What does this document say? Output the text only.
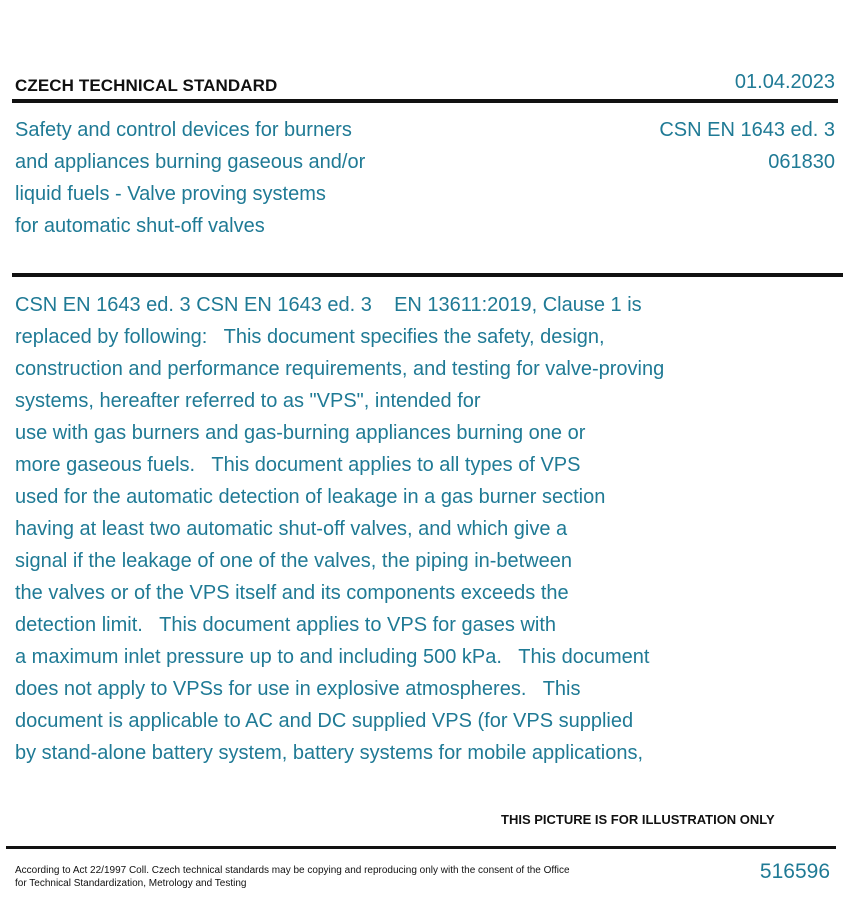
CZECH TECHNICAL STANDARD	01.04.2023
Safety and control devices for burners
and appliances burning gaseous and/or
liquid fuels - Valve proving systems
for automatic shut-off valves
CSN EN 1643 ed. 3
061830
CSN EN 1643 ed. 3 CSN EN 1643 ed. 3    EN 13611:2019, Clause 1 is
replaced by following:   This document specifies the safety, design,
construction and performance requirements, and testing for valve-proving
systems, hereafter referred to as "VPS", intended for
use with gas burners and gas-burning appliances burning one or
more gaseous fuels.   This document applies to all types of VPS
used for the automatic detection of leakage in a gas burner section
having at least two automatic shut-off valves, and which give a
signal if the leakage of one of the valves, the piping in-between
the valves or of the VPS itself and its components exceeds the
detection limit.   This document applies to VPS for gases with
a maximum inlet pressure up to and including 500 kPa.   This document
does not apply to VPSs for use in explosive atmospheres.   This
document is applicable to AC and DC supplied VPS (for VPS supplied
by stand-alone battery system, battery systems for mobile applications,
THIS PICTURE IS FOR ILLUSTRATION ONLY
According to Act 22/1997 Coll. Czech technical standards may be copying and reproducing only with the consent of the Office
for Technical Standardization, Metrology and Testing
516596
